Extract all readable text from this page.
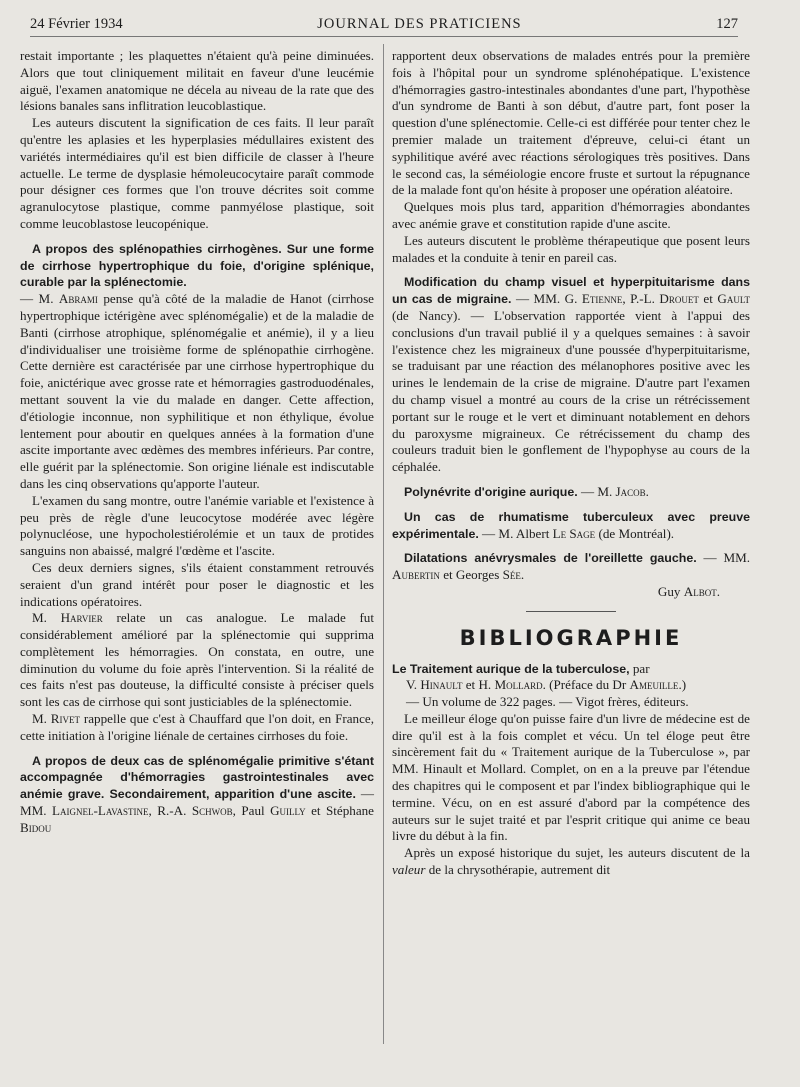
24 Février 1934	JOURNAL DES PRATICIENS	127

restait importante ; les plaquettes n'étaient qu'à peine diminuées. Alors que tout cliniquement militait en faveur d'une leucémie aiguë, l'examen anatomique ne décela au niveau de la rate que des lésions banales sans inflitration leucoblastique.

Les auteurs discutent la signification de ces faits. Il leur paraît qu'entre les aplasies et les hyperplasies médullaires existent des variétés intermédiaires qu'il est bien difficile de classer à l'heure actuelle. Le terme de dysplasie hémoleucocytaire paraît commode pour désigner ces formes que l'on trouve décrites soit comme agranulocytose plastique, comme panmyélose plastique, soit comme leucoblastose leucopénique.

A propos des splénopathies cirrhogènes. Sur une forme de cirrhose hypertrophique du foie, d'origine splénique, curable par la splénectomie.
— M. Abrami pense qu'à côté de la maladie de Hanot (cirrhose hypertrophique ictérigène avec splénomégalie) et de la maladie de Banti (cirrhose atrophique, splénomégalie et anémie), il y a lieu d'individualiser une troisième forme de splénopathie cirrhogène. Cette dernière est caractérisée par une cirrhose hypertrophique du foie, anictérique avec grosse rate et hémorragies gastroduodénales, mettant souvent la vie du malade en danger. Cette affection, d'étiologie inconnue, non syphilitique et non éthylique, évolue lentement pour aboutir en quelques années à la formation d'une ascite importante avec œdèmes des membres inférieurs. Par contre, elle guérit par la splénectomie. Son origine liénale est indiscutable dans les cinq observations qu'apporte l'auteur.

L'examen du sang montre, outre l'anémie variable et l'existence à peu près de règle d'une leucocytose modérée avec légère polynucléose, une hypocholestiérolémie et un taux de protides sanguins non abaissé, malgré l'œdème et l'ascite.

Ces deux derniers signes, s'ils étaient constamment retrouvés seraient d'un grand intérêt pour poser le diagnostic et les indications opératoires.

M. Harvier relate un cas analogue. Le malade fut considérablement amélioré par la splénectomie qui supprima complètement les hémorragies. On constata, en outre, une diminution du volume du foie après l'intervention. Si la réalité de ces faits n'est pas douteuse, la difficulté consiste à préciser quels sont les cas de cirrhose qui sont justiciables de la splénectomie.

M. Rivet rappelle que c'est à Chauffard que l'on doit, en France, cette initiation à l'origine liénale de certaines cirrhoses du foie.

A propos de deux cas de splénomégalie primitive s'étant accompagnée d'hémorragies gastrointestinales avec anémie grave. Secondairement, apparition d'une ascite. — MM. Laignel-Lavastine, R.-A. Schwob, Paul Guilly et Stéphane Bidou

rapportent deux observations de malades entrés pour la première fois à l'hôpital pour un syndrome splénohépatique. L'existence d'hémorragies gastro-intestinales abondantes d'une part, l'hypothèse d'un syndrome de Banti à son début, d'autre part, font poser la question d'une splénectomie. Celle-ci est différée pour tenter chez le premier malade un traitement d'épreuve, celui-ci étant un syphilitique avéré avec réactions sérologiques très positives. Dans le second cas, la séméiologie encore fruste et surtout la répugnance de la malade font qu'on hésite à proposer une opération aléatoire.

Quelques mois plus tard, apparition d'hémorragies abondantes avec anémie grave et constitution rapide d'une ascite.

Les auteurs discutent le problème thérapeutique que posent leurs malades et la conduite à tenir en pareil cas.

Modification du champ visuel et hyperpituitarisme dans un cas de migraine. — MM. G. Etienne, P.-L. Drouet et Gault (de Nancy). — L'observation rapportée vient à l'appui des conclusions d'un travail publié il y a quelques semaines : à savoir l'existence chez les migraineux d'une poussée d'hyperpituitarisme, se traduisant par une réaction des mélanophores positive avec les urines le lendemain de la crise de migraine. D'autre part l'examen du champ visuel a montré au cours de la crise un rétrécissement portant sur le rouge et le vert et diminuant notablement en dehors du paroxysme migraineux. Ce rétrécissement du champ des couleurs traduit bien le gonflement de l'hypophyse au cours de la céphalée.

Polynévrite d'origine aurique. — M. Jacob.

Un cas de rhumatisme tuberculeux avec preuve expérimentale. — M. Albert Le Sage (de Montréal).

Dilatations anévrysmales de l'oreillette gauche. — MM. Aubertin et Georges Sée.

Guy Albot.

BIBLIOGRAPHIE

Le Traitement aurique de la tuberculose, par
V. Hinault et H. Mollard. (Préface du Dr Ameuille.)
— Un volume de 322 pages. — Vigot frères, éditeurs.

Le meilleur éloge qu'on puisse faire d'un livre de médecine est de dire qu'il est à la fois complet et vécu. Un tel éloge peut être sincèrement fait du « Traitement aurique de la Tuberculose », par MM. Hinault et Mollard. Complet, on en a la preuve par l'étendue des chapitres qui le composent et par l'index bibliographique qui le termine. Vécu, on en est assuré d'abord par la compétence des auteurs sur le sujet traité et par l'esprit critique qui anime ce beau livre du début à la fin.

Après un exposé historique du sujet, les auteurs discutent de la valeur de la chrysothérapie, autrement dit
